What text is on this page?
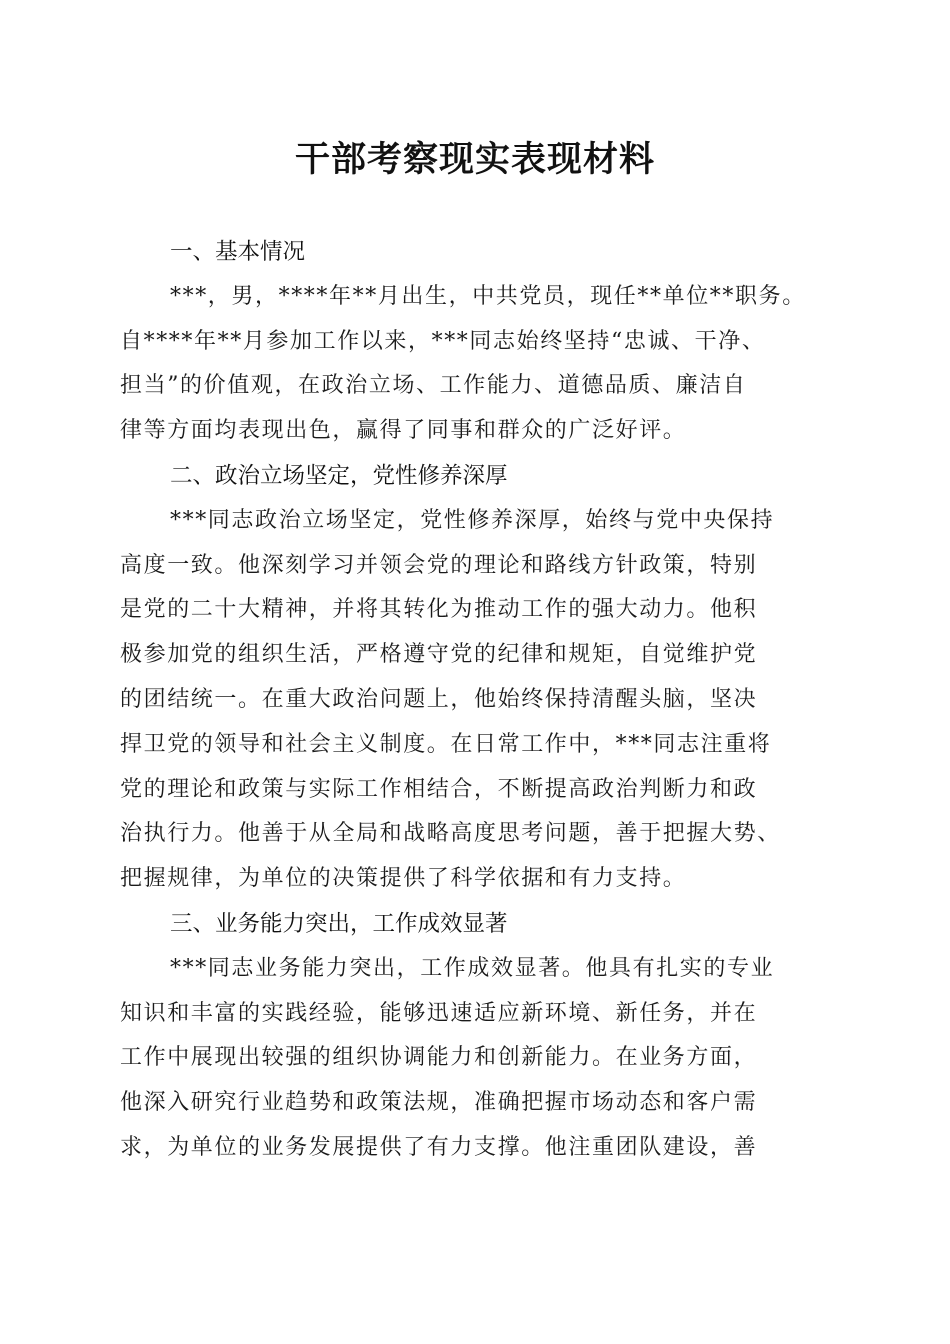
干部考察现实表现材料
一、基本情况
***，男，****年**月出生，中共党员，现任**单位**职务。
自****年**月参加工作以来，***同志始终坚持“忠诚、干净、
担当”的价值观，在政治立场、工作能力、道德品质、廉洁自
律等方面均表现出色，赢得了同事和群众的广泛好评。
二、政治立场坚定，党性修养深厚
***同志政治立场坚定，党性修养深厚，始终与党中央保持
高度一致。他深刻学习并领会党的理论和路线方针政策，特别
是党的二十大精神，并将其转化为推动工作的强大动力。他积
极参加党的组织生活，严格遵守党的纪律和规矩，自觉维护党
的团结统一。在重大政治问题上，他始终保持清醒头脑，坚决
捍卫党的领导和社会主义制度。在日常工作中，***同志注重将
党的理论和政策与实际工作相结合，不断提高政治判断力和政
治执行力。他善于从全局和战略高度思考问题，善于把握大势、
把握规律，为单位的决策提供了科学依据和有力支持。
三、业务能力突出，工作成效显著
***同志业务能力突出，工作成效显著。他具有扎实的专业
知识和丰富的实践经验，能够迅速适应新环境、新任务，并在
工作中展现出较强的组织协调能力和创新能力。在业务方面，
他深入研究行业趋势和政策法规，准确把握市场动态和客户需
求，为单位的业务发展提供了有力支撑。他注重团队建设，善
